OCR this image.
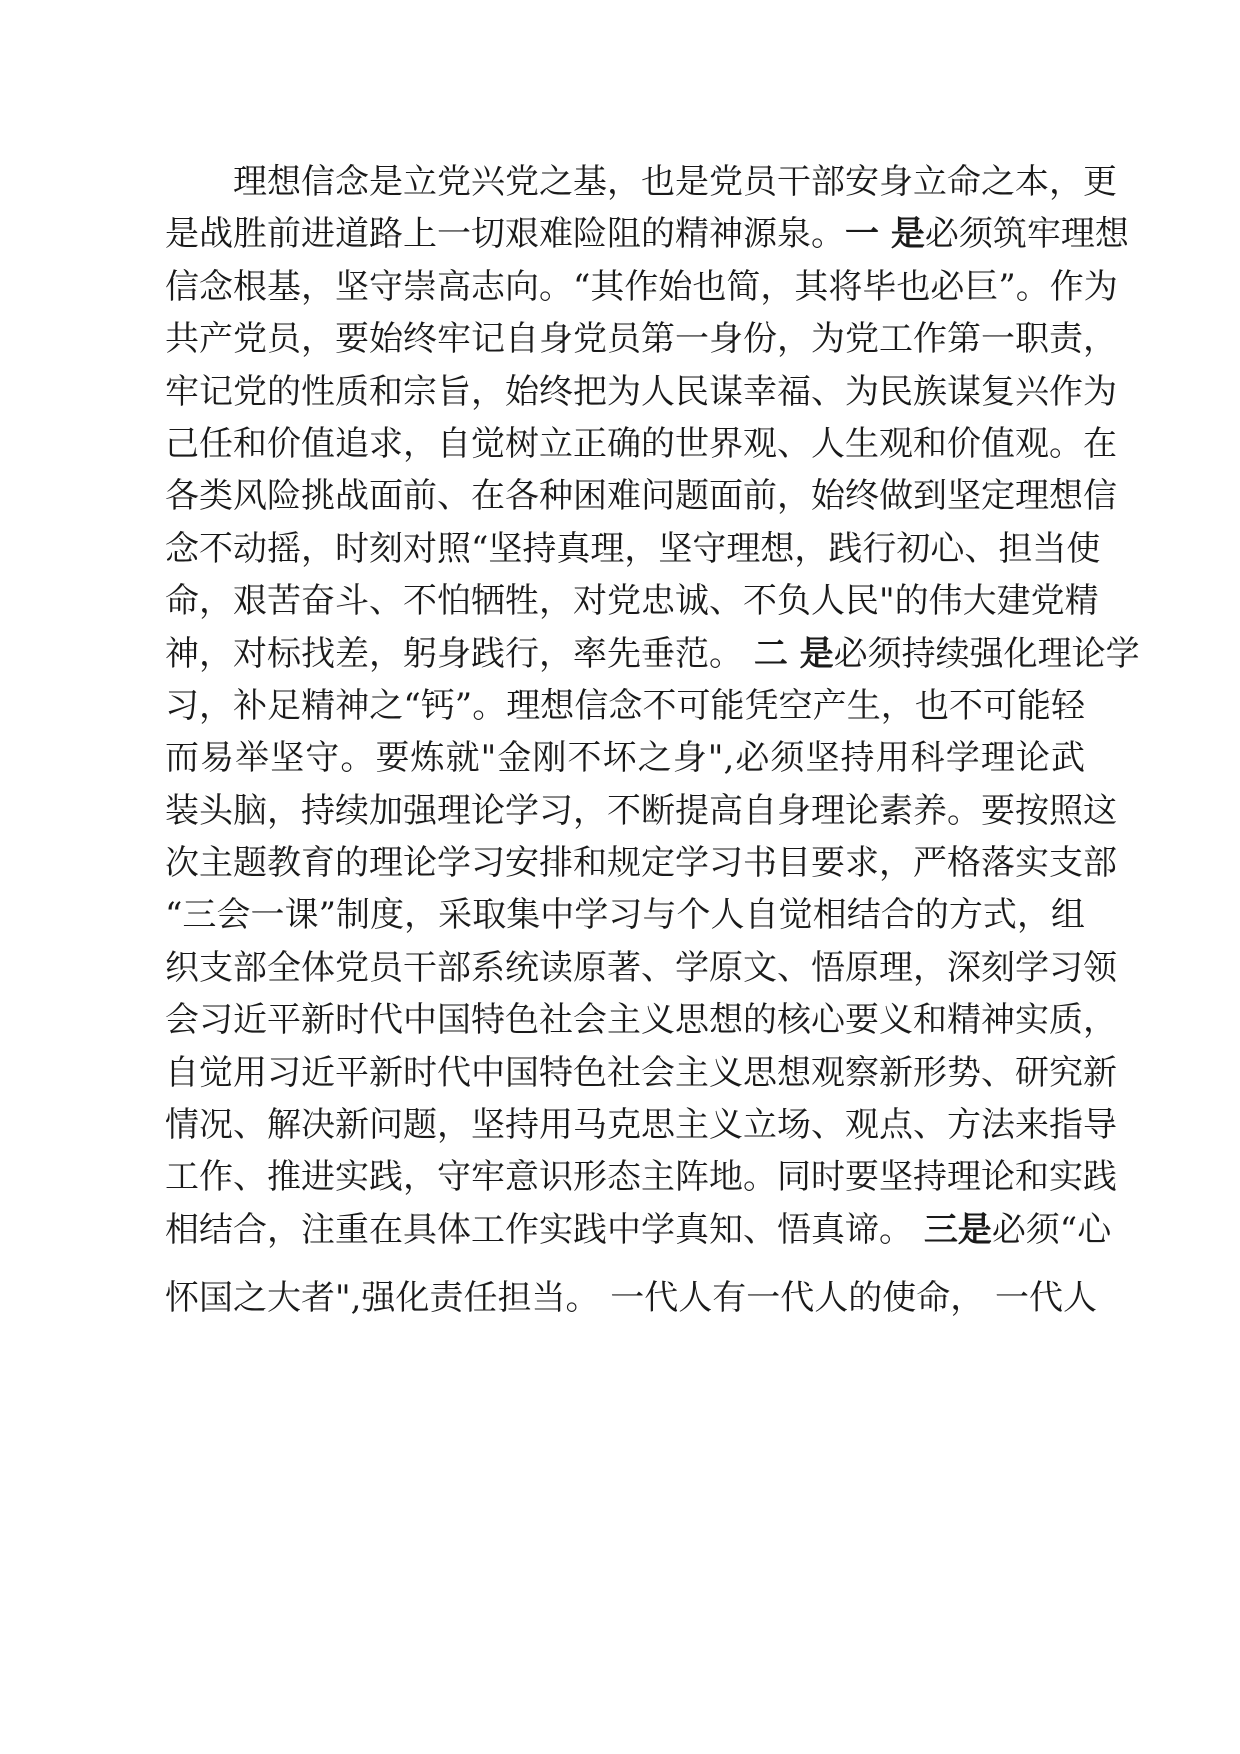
理想信念是立党兴党之基，也是党员干部安身立命之本，更
是战胜前进道路上一切艰难险阻的精神源泉。一 是必须筑牢理想
信念根基，坚守崇高志向。“其作始也简，其将毕也必巨”。作为
共产党员，要始终牢记自身党员第一身份，为党工作第一职责，
牢记党的性质和宗旨，始终把为人民谋幸福、为民族谋复兴作为
己任和价值追求，自觉树立正确的世界观、人生观和价值观。在
各类风险挑战面前、在各种困难问题面前，始终做到坚定理想信
念不动摇，时刻对照“坚持真理，坚守理想，践行初心、担当使
命，艰苦奋斗、不怕牺牲，对党忠诚、不负人民"的伟大建党精
神，对标找差，躬身践行，率先垂范。 二 是必须持续强化理论学
习，补足精神之“钙”。理想信念不可能凭空产生，也不可能轻
而易举坚守。要炼就"金刚不坏之身",必须坚持用科学理论武
装头脑，持续加强理论学习，不断提高自身理论素养。要按照这
次主题教育的理论学习安排和规定学习书目要求，严格落实支部
“三会一课”制度，采取集中学习与个人自觉相结合的方式，组
织支部全体党员干部系统读原著、学原文、悟原理，深刻学习领
会习近平新时代中国特色社会主义思想的核心要义和精神实质，
自觉用习近平新时代中国特色社会主义思想观察新形势、研究新
情况、解决新问题，坚持用马克思主义立场、观点、方法来指导
工作、推进实践，守牢意识形态主阵地。同时要坚持理论和实践
相结合，注重在具体工作实践中学真知、悟真谛。 三是必须“心
怀国之大者",强化责任担当。 一代人有一代人的使命， 一代人
